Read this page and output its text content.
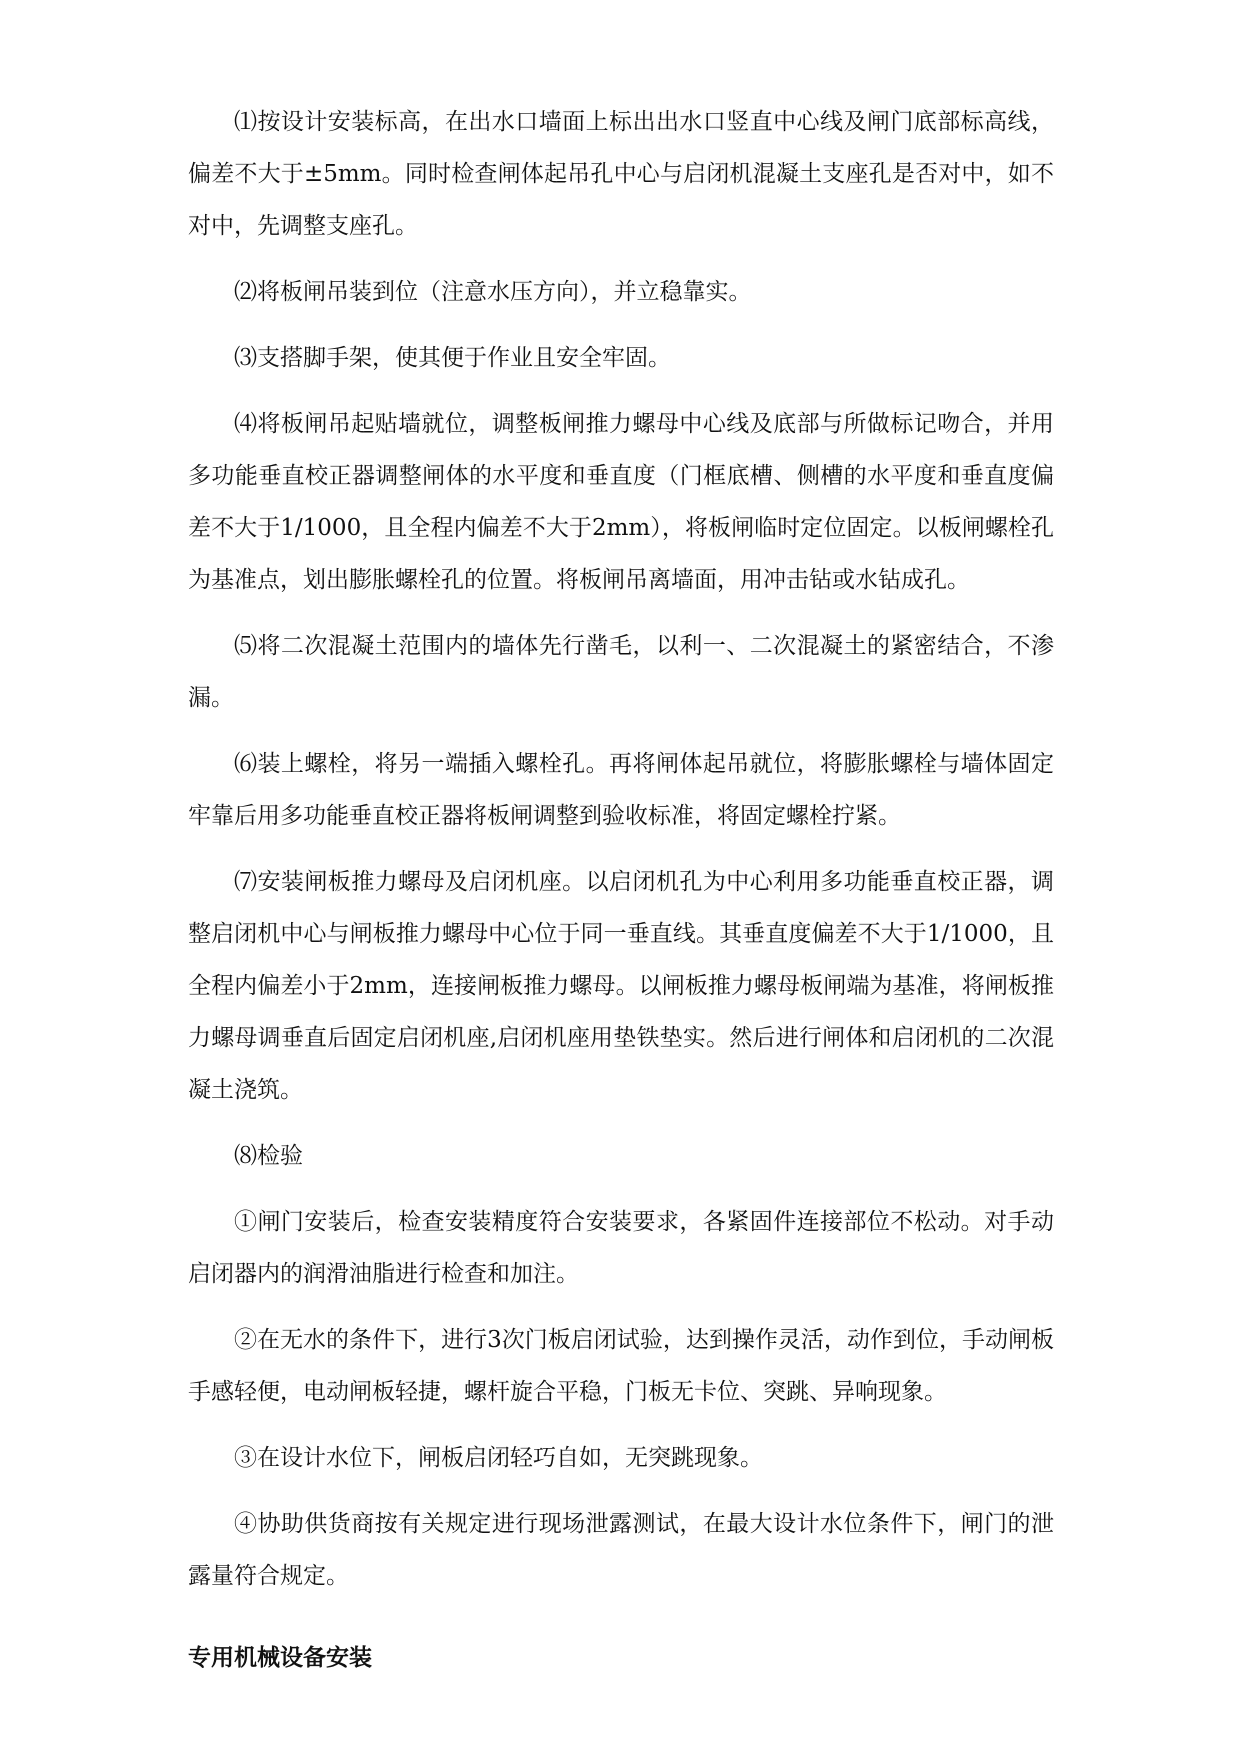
⑴按设计安装标高，在出水口墙面上标出出水口竖直中心线及闸门底部标高线，偏差不大于±5mm。同时检查闸体起吊孔中心与启闭机混凝土支座孔是否对中，如不对中，先调整支座孔。

⑵将板闸吊装到位（注意水压方向），并立稳靠实。

⑶支搭脚手架，使其便于作业且安全牢固。

⑷将板闸吊起贴墙就位，调整板闸推力螺母中心线及底部与所做标记吻合，并用多功能垂直校正器调整闸体的水平度和垂直度（门框底槽、侧槽的水平度和垂直度偏差不大于1/1000，且全程内偏差不大于2mm），将板闸临时定位固定。以板闸螺栓孔为基准点，划出膨胀螺栓孔的位置。将板闸吊离墙面，用冲击钻或水钻成孔。

⑸将二次混凝土范围内的墙体先行凿毛，以利一、二次混凝土的紧密结合，不渗漏。

⑹装上螺栓，将另一端插入螺栓孔。再将闸体起吊就位，将膨胀螺栓与墙体固定牢靠后用多功能垂直校正器将板闸调整到验收标准，将固定螺栓拧紧。

⑺安装闸板推力螺母及启闭机座。以启闭机孔为中心利用多功能垂直校正器，调整启闭机中心与闸板推力螺母中心位于同一垂直线。其垂直度偏差不大于1/1000，且全程内偏差小于2mm，连接闸板推力螺母。以闸板推力螺母板闸端为基准，将闸板推力螺母调垂直后固定启闭机座,启闭机座用垫铁垫实。然后进行闸体和启闭机的二次混凝土浇筑。

⑻检验

①闸门安装后，检查安装精度符合安装要求，各紧固件连接部位不松动。对手动启闭器内的润滑油脂进行检查和加注。

②在无水的条件下，进行3次门板启闭试验，达到操作灵活，动作到位，手动闸板手感轻便，电动闸板轻捷，螺杆旋合平稳，门板无卡位、突跳、异响现象。

③在设计水位下，闸板启闭轻巧自如，无突跳现象。

④协助供货商按有关规定进行现场泄露测试，在最大设计水位条件下，闸门的泄露量符合规定。

专用机械设备安装
